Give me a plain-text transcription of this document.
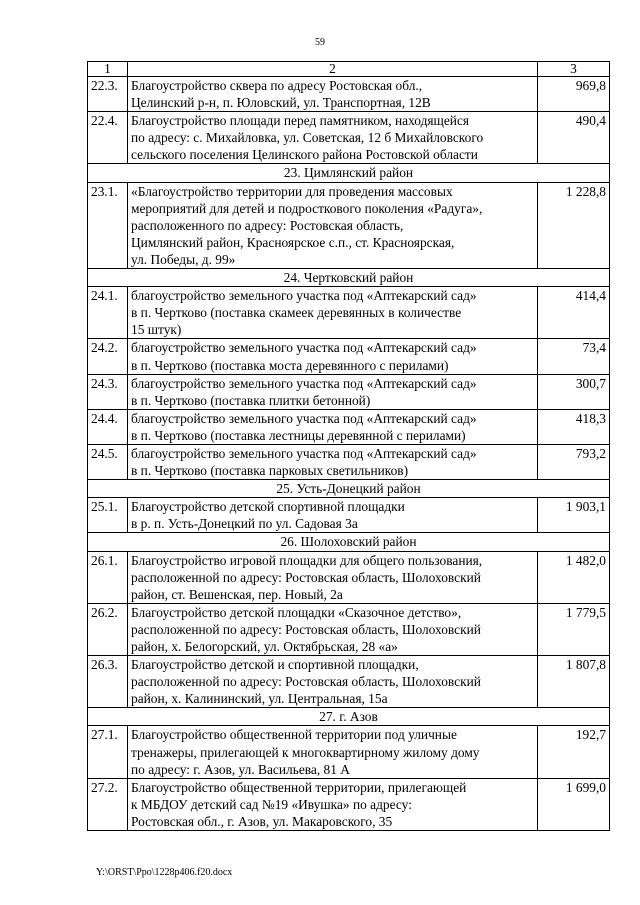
59
1	2	3
22.3.	Благоустройство сквера по адресу Ростовская обл.,
Целинский р-н, п. Юловский, ул. Транспортная, 12В	969,8
22.4.	Благоустройство площади перед памятником, находящейся
по адресу: с. Михайловка, ул. Советская, 12 б Михайловского
сельского поселения Целинского района Ростовской области	490,4
23. Цимлянский район		
23.1.	«Благоустройство территории для проведения массовых
мероприятий для детей и подросткового поколения «Радуга»,
расположенного по адресу: Ростовская область,
Цимлянский район, Красноярское с.п., ст. Красноярская,
ул. Победы, д. 99»	1 228,8
24. Чертковский район		
24.1.	благоустройство земельного участка под «Аптекарский сад»
в п. Чертково (поставка скамеек деревянных в количестве
15 штук)	414,4
24.2.	благоустройство земельного участка под «Аптекарский сад»
в п. Чертково (поставка моста деревянного с перилами)	73,4
24.3.	благоустройство земельного участка под «Аптекарский сад»
в п. Чертково (поставка плитки бетонной)	300,7
24.4.	благоустройство земельного участка под «Аптекарский сад»
в п. Чертково (поставка лестницы деревянной с перилами)	418,3
24.5.	благоустройство земельного участка под «Аптекарский сад»
в п. Чертково (поставка парковых светильников)	793,2
25. Усть-Донецкий район		
25.1.	Благоустройство детской спортивной площадки
в р. п. Усть-Донецкий по ул. Садовая 3а	1 903,1
26. Шолоховский район		
26.1.	Благоустройство игровой площадки для общего пользования,
расположенной по адресу: Ростовская область, Шолоховский
район, ст. Вешенская, пер. Новый, 2а	1 482,0
26.2.	Благоустройство детской площадки «Сказочное детство»,
расположенной по адресу: Ростовская область, Шолоховский
район, х. Белогорский, ул. Октябрьская, 28 «а»	1 779,5
26.3.	Благоустройство детской и спортивной площадки,
расположенной по адресу: Ростовская область, Шолоховский
район, х. Калининский, ул. Центральная, 15а	1 807,8
27. г. Азов		
27.1.	Благоустройство общественной территории под уличные
тренажеры, прилегающей к многоквартирному жилому дому
по адресу: г. Азов, ул. Васильева, 81 А	192,7
27.2.	Благоустройство общественной территории, прилегающей
к МБДОУ детский сад №19 «Ивушка» по адресу:
Ростовская обл., г. Азов, ул. Макаровского, 35	1 699,0
Y:\ORST\Ppo\1228p406.f20.docx
